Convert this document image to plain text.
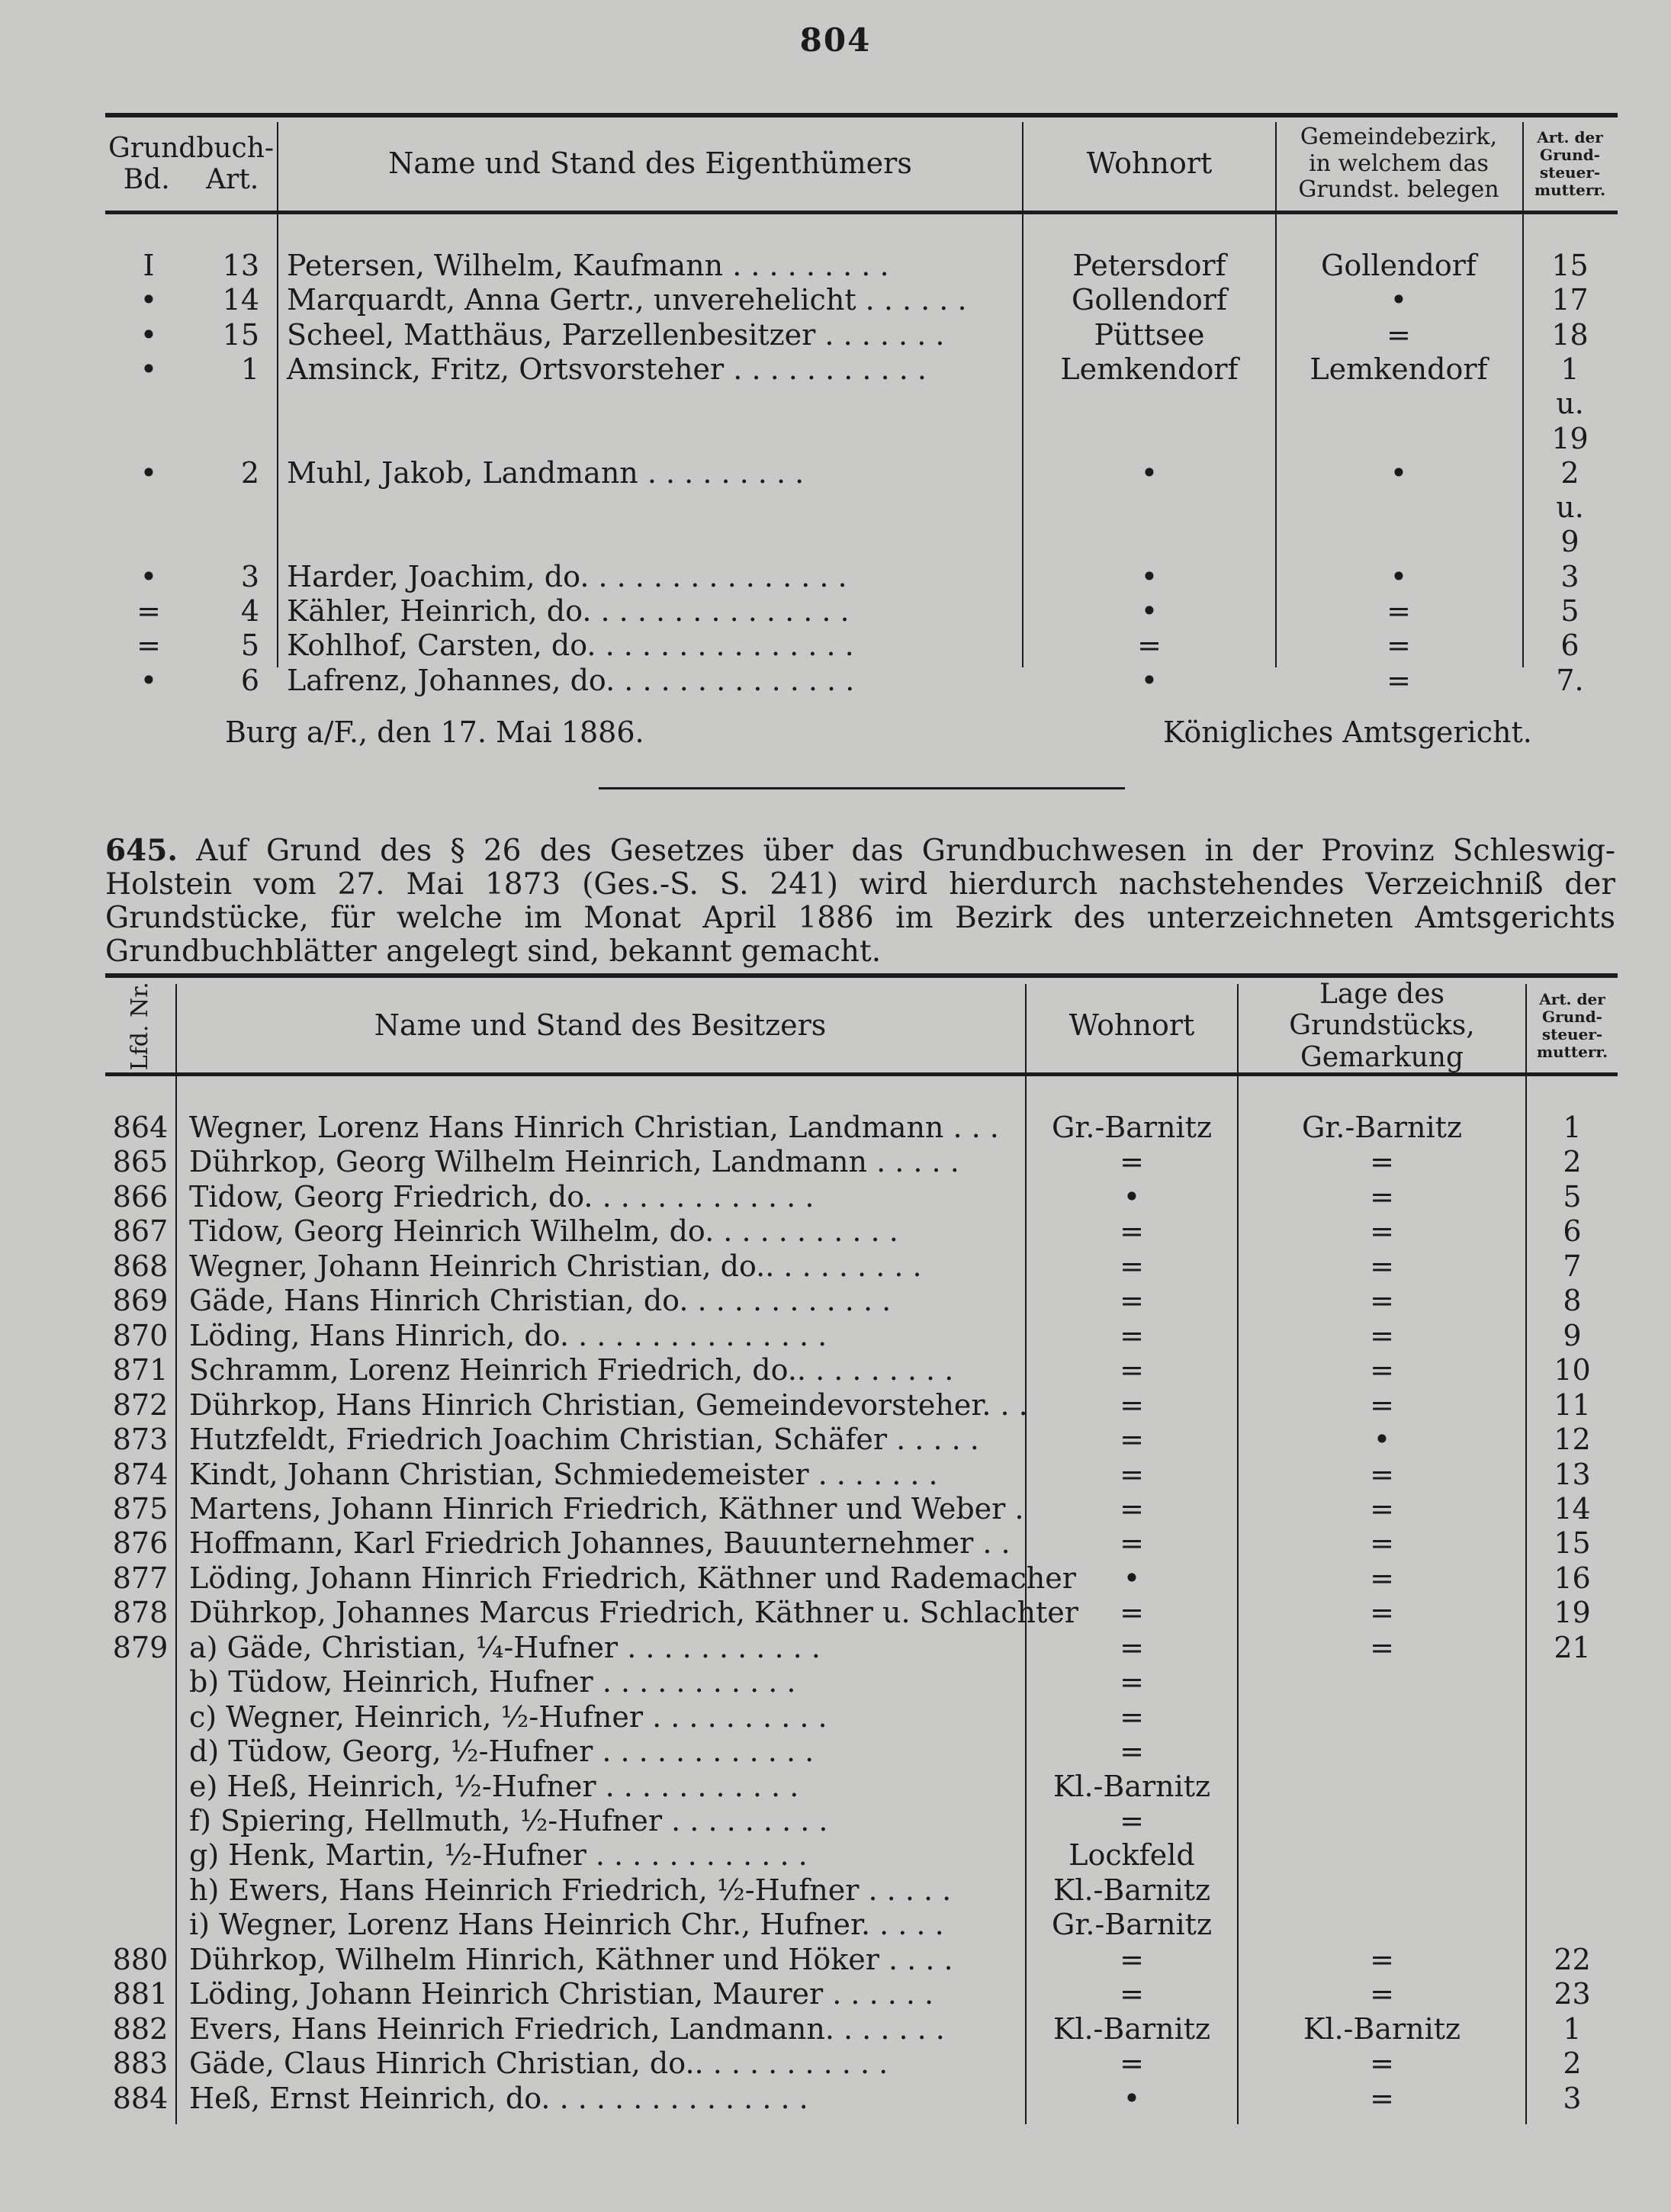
804
Grundbuch-
Bd. Art.	Name und Stand des Eigenthümers	Wohnort
Gemeindebezirk,
in welchem das
Grundst. belegen
Art. der
Grund-
steuer-
mutterr.
I	13 Petersen, Wilhelm, Kaufmann . . . . . . . . .	Petersdorf	Gollendorf	15
•	14 Marquardt, Anna Gertr., unverehelicht . . . . . .	Gollendorf	•	17
•	15 Scheel, Matthäus, Parzellenbesitzer . . . . . . .	Püttsee	=	18
•	1 Amsinck, Fritz, Ortsvorsteher . . . . . . . . . . .	Lemkendorf	Lemkendorf	1
u.
19
•	2 Muhl, Jakob, Landmann . . . . . . . . .	•	•	2
u.
9
•	3 Harder, Joachim, do. . . . . . . . . . . . . . .	•	•	3
=	4 Kähler, Heinrich, do. . . . . . . . . . . . . . .	•	=	5
=	5 Kohlhof, Carsten, do. . . . . . . . . . . . . . .	=	=	6
•	6 Lafrenz, Johannes, do. . . . . . . . . . . . . .	•	=	7.
Burg a/F., den 17. Mai 1886.	Königliches Amtsgericht.
645. Auf Grund des § 26 des Gesetzes über das Grundbuchwesen in der Provinz Schleswig-Holstein vom 27. Mai 1873 (Ges.-S. S. 241) wird hierdurch nachstehendes Verzeichniß der Grundstücke, für welche im Monat April 1886 im Bezirk des unterzeichneten Amtsgerichts Grundbuchblätter angelegt sind, bekannt gemacht.
Lfd. Nr.	Name und Stand des Besitzers	Wohnort
Lage des Grundstücks,
Gemarkung
Art. der
Grund-
steuer-
mutterr.
864 Wegner, Lorenz Hans Hinrich Christian, Landmann . . .	Gr.-Barnitz	Gr.-Barnitz	1
865 Dührkop, Georg Wilhelm Heinrich, Landmann . . . . .	=	=	2
866 Tidow, Georg Friedrich, do. . . . . . . . . . . . .	•	=	5
867 Tidow, Georg Heinrich Wilhelm, do. . . . . . . . . . .	=	=	6
868 Wegner, Johann Heinrich Christian, do.. . . . . . . . .	=	=	7
869 Gäde, Hans Hinrich Christian, do. . . . . . . . . . . .	=	=	8
870 Löding, Hans Hinrich, do. . . . . . . . . . . . . . .	=	=	9
871 Schramm, Lorenz Heinrich Friedrich, do.. . . . . . . . .	=	=	10
872 Dührkop, Hans Hinrich Christian, Gemeindevorsteher. . .	=	=	11
873 Hutzfeldt, Friedrich Joachim Christian, Schäfer . . . . .	=	•	12
874 Kindt, Johann Christian, Schmiedemeister . . . . . . .	=	=	13
875 Martens, Johann Hinrich Friedrich, Käthner und Weber .	=	=	14
876 Hoffmann, Karl Friedrich Johannes, Bauunternehmer . .	=	=	15
877 Löding, Johann Hinrich Friedrich, Käthner und Rademacher	•	=	16
878 Dührkop, Johannes Marcus Friedrich, Käthner u. Schlachter	=	=	19
879 a) Gäde, Christian, ¼-Hufner . . . . . . . . . . .	=	=	21
b) Tüdow, Heinrich, Hufner . . . . . . . . . . .	=
c) Wegner, Heinrich, ½-Hufner . . . . . . . . . .	=
d) Tüdow, Georg, ½-Hufner . . . . . . . . . . . .	=
e) Heß, Heinrich, ½-Hufner . . . . . . . . . . .	Kl.-Barnitz
f) Spiering, Hellmuth, ½-Hufner . . . . . . . . .	=
g) Henk, Martin, ½-Hufner . . . . . . . . . . . .	Lockfeld
h) Ewers, Hans Heinrich Friedrich, ½-Hufner . . . . .	Kl.-Barnitz
i) Wegner, Lorenz Hans Heinrich Chr., Hufner. . . . .	Gr.-Barnitz
880 Dührkop, Wilhelm Hinrich, Käthner und Höker . . . .	=	=	22
881 Löding, Johann Heinrich Christian, Maurer . . . . . .	=	=	23
882 Evers, Hans Heinrich Friedrich, Landmann. . . . . . .	Kl.-Barnitz	Kl.-Barnitz	1
883 Gäde, Claus Hinrich Christian, do.. . . . . . . . . . .	=	=	2
884 Heß, Ernst Heinrich, do. . . . . . . . . . . . . . .	•	=	3
